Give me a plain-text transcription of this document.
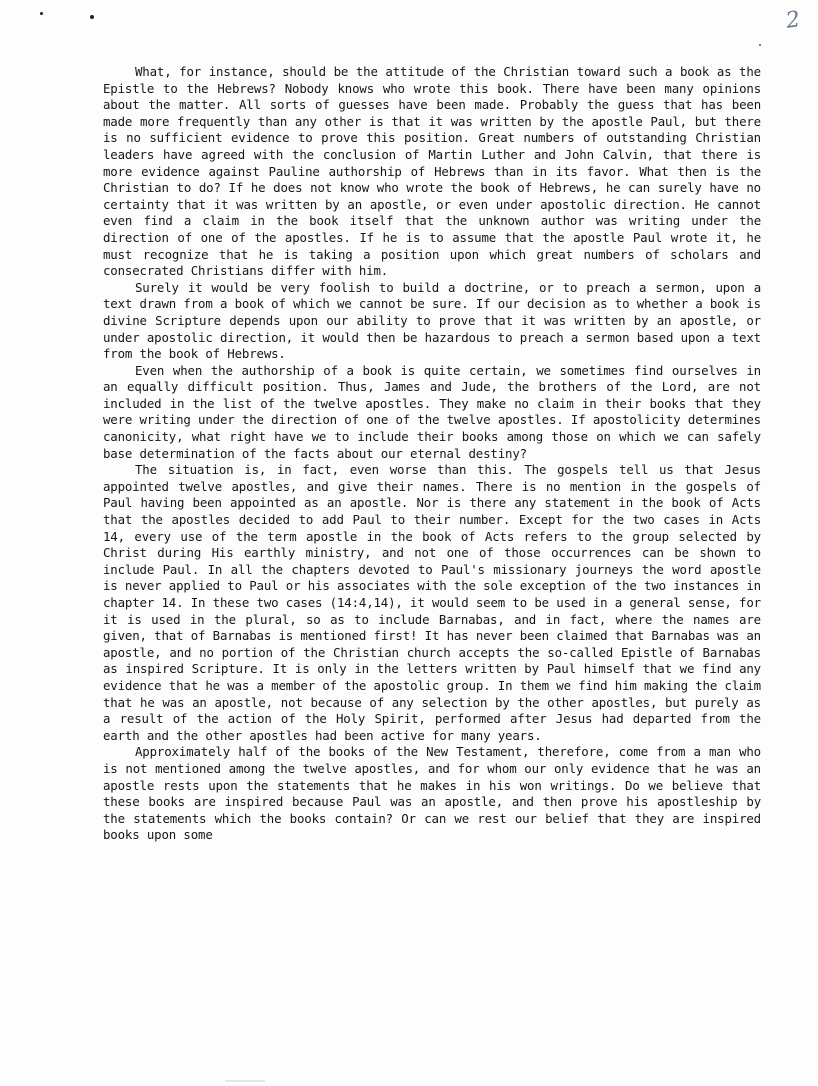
2

What, for instance, should be the attitude of the Christian toward such a book as the Epistle to the Hebrews? Nobody knows who wrote this book. There have been many opinions about the matter. All sorts of guesses have been made. Probably the guess that has been made more frequently than any other is that it was written by the apostle Paul, but there is no sufficient evidence to prove this position. Great numbers of outstanding Christian leaders have agreed with the conclusion of Martin Luther and John Calvin, that there is more evidence against Pauline authorship of Hebrews than in its favor. What then is the Christian to do? If he does not know who wrote the book of Hebrews, he can surely have no certainty that it was written by an apostle, or even under apostolic direction. He cannot even find a claim in the book itself that the unknown author was writing under the direction of one of the apostles. If he is to assume that the apostle Paul wrote it, he must recognize that he is taking a position upon which great numbers of scholars and consecrated Christians differ with him.

Surely it would be very foolish to build a doctrine, or to preach a sermon, upon a text drawn from a book of which we cannot be sure. If our decision as to whether a book is divine Scripture depends upon our ability to prove that it was written by an apostle, or under apostolic direction, it would then be hazardous to preach a sermon based upon a text from the book of Hebrews.

Even when the authorship of a book is quite certain, we sometimes find ourselves in an equally difficult position. Thus, James and Jude, the brothers of the Lord, are not included in the list of the twelve apostles. They make no claim in their books that they were writing under the direction of one of the twelve apostles. If apostolicity determines canonicity, what right have we to include their books among those on which we can safely base determination of the facts about our eternal destiny?

The situation is, in fact, even worse than this. The gospels tell us that Jesus appointed twelve apostles, and give their names. There is no mention in the gospels of Paul having been appointed as an apostle. Nor is there any statement in the book of Acts that the apostles decided to add Paul to their number. Except for the two cases in Acts 14, every use of the term apostle in the book of Acts refers to the group selected by Christ during His earthly ministry, and not one of those occurrences can be shown to include Paul. In all the chapters devoted to Paul's missionary journeys the word apostle is never applied to Paul or his associates with the sole exception of the two instances in chapter 14. In these two cases (14:4,14), it would seem to be used in a general sense, for it is used in the plural, so as to include Barnabas, and in fact, where the names are given, that of Barnabas is mentioned first! It has never been claimed that Barnabas was an apostle, and no portion of the Christian church accepts the so-called Epistle of Barnabas as inspired Scripture. It is only in the letters written by Paul himself that we find any evidence that he was a member of the apostolic group. In them we find him making the claim that he was an apostle, not because of any selection by the other apostles, but purely as a result of the action of the Holy Spirit, performed after Jesus had departed from the earth and the other apostles had been active for many years.

Approximately half of the books of the New Testament, therefore, come from a man who is not mentioned among the twelve apostles, and for whom our only evidence that he was an apostle rests upon the statements that he makes in his won writings. Do we believe that these books are inspired because Paul was an apostle, and then prove his apostleship by the statements which the books contain? Or can we rest our belief that they are inspired books upon some
